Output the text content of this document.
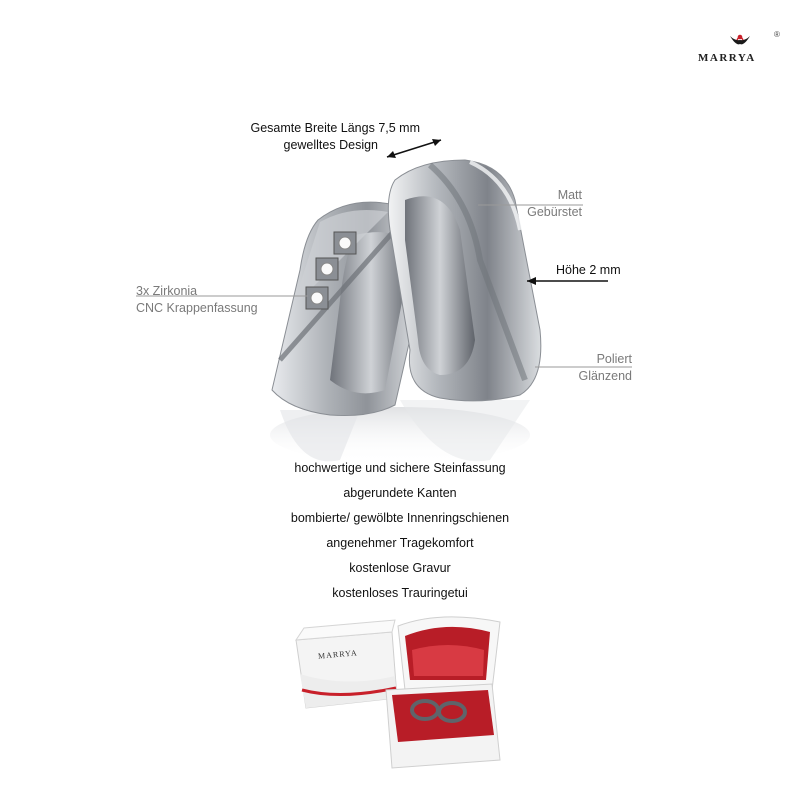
®
MARRYA
MARRYA
Gesamte Breite Längs 7,5 mm
gewelltes Design
Matt
Gebürstet
Höhe 2 mm
3x Zirkonia
CNC Krappenfassung
Poliert
Glänzend
hochwertige und sichere Steinfassung
abgerundete Kanten
bombierte/ gewölbte Innenringschienen
angenehmer Tragekomfort
kostenlose Gravur
kostenloses Trauringetui
